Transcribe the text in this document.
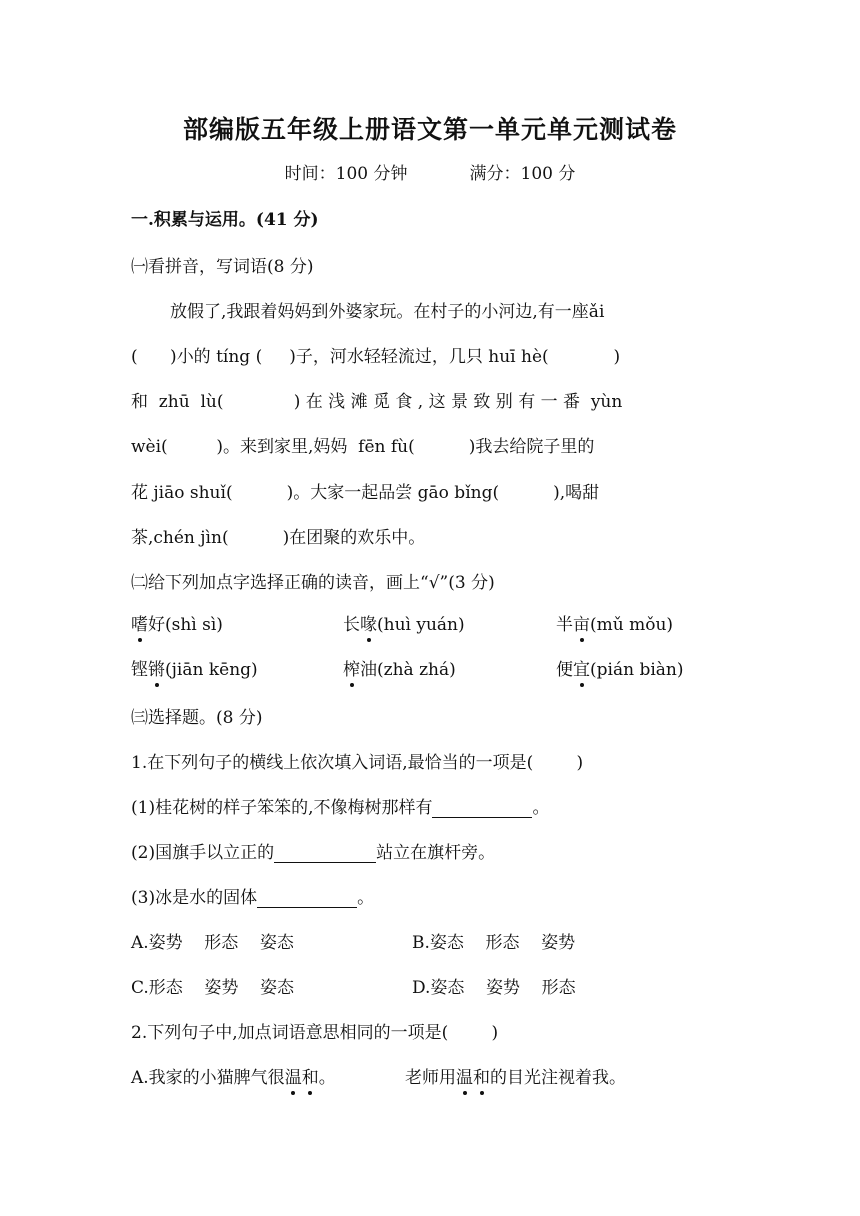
部编版五年级上册语文第一单元单元测试卷
时间：100 分钟	满分：100 分
一.积累与运用。(41 分)
㈠看拼音，写词语(8 分)
放假了,我跟着妈妈到外婆家玩。在村子的小河边,有一座ǎi
(      )小的 tíng (     )子，河水轻轻流过，几只 huī hè(            )
和  zhū  lù(             ) 在 浅 滩 觅 食 , 这 景 致 别 有 一 番  yùn
wèi(         )。来到家里,妈妈  fēn fù(          )我去给院子里的
花 jiāo shuǐ(          )。大家一起品尝 gāo bǐng(          ),喝甜
茶,chén jìn(          )在团聚的欢乐中。
㈡给下列加点字选择正确的读音，画上“√”(3 分)
嗜好(shì sì)	长喙(huì yuán)	半亩(mǔ mǒu)
铿锵(jiān kēng)	榨油(zhà zhá)	便宜(pián biàn)
㈢选择题。(8 分)
1.在下列句子的横线上依次填入词语,最恰当的一项是(        )
(1)桂花树的样子笨笨的,不像梅树那样有	。
(2)国旗手以立正的	站立在旗杆旁。
(3)冰是水的固体	。
A.姿势    形态    姿态	B.姿态    形态    姿势
C.形态    姿势    姿态	D.姿态    姿势    形态
2.下列句子中,加点词语意思相同的一项是(        )
A.我家的小猫脾气很温和。	老师用温和的目光注视着我。
